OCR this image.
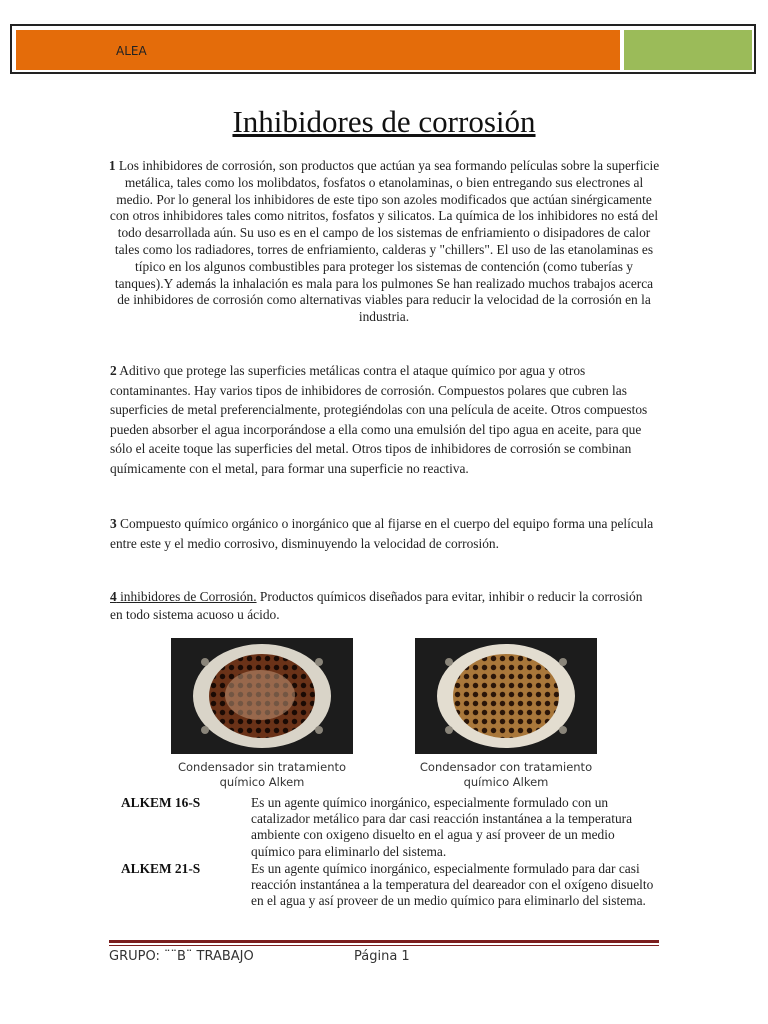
ALEA
Inhibidores de corrosión
1 Los inhibidores de corrosión, son productos que actúan ya sea formando películas sobre la superficie metálica, tales como los molibdatos, fosfatos o etanolaminas, o bien entregando sus electrones al medio. Por lo general los inhibidores de este tipo son azoles modificados que actúan sinérgicamente con otros inhibidores tales como nitritos, fosfatos y silicatos. La química de los inhibidores no está del todo desarrollada aún. Su uso es en el campo de los sistemas de enfriamiento o disipadores de calor tales como los radiadores, torres de enfriamiento, calderas y "chillers". El uso de las etanolaminas es típico en los algunos combustibles para proteger los sistemas de contención (como tuberías y tanques).Y además la inhalación es mala para los pulmones Se han realizado muchos trabajos acerca de inhibidores de corrosión como alternativas viables para reducir la velocidad de la corrosión en la industria.
2 Aditivo que protege las superficies metálicas contra el ataque químico por agua y otros contaminantes. Hay varios tipos de inhibidores de corrosión. Compuestos polares que cubren las superficies de metal preferencialmente, protegiéndolas con una película de aceite. Otros compuestos pueden absorber el agua incorporándose a ella como una emulsión del tipo agua en aceite, para que sólo el aceite toque las superficies del metal. Otros tipos de inhibidores de corrosión se combinan químicamente con el metal, para formar una superficie no reactiva.
3 Compuesto químico orgánico o inorgánico que al fijarse en el cuerpo del equipo forma una película entre este y el medio corrosivo, disminuyendo la velocidad de corrosión.
4 inhibidores de Corrosión. Productos químicos diseñados para evitar, inhibir o reducir la corrosión en todo sistema acuoso u ácido.
Condensador sin tratamiento químico Alkem
Condensador con tratamiento químico Alkem
ALKEM 16-S	Es un agente químico inorgánico, especialmente formulado con un catalizador metálico para dar casi reacción instantánea a la temperatura ambiente con oxigeno disuelto en el agua y así proveer de un medio químico para eliminarlo del sistema.
ALKEM 21-S	Es un agente químico inorgánico, especialmente formulado para dar casi reacción instantánea a la temperatura del deareador con el oxígeno disuelto en el agua y así proveer de un medio químico para eliminarlo del sistema.
GRUPO: ¨¨B¨ TRABAJO	Página 1
